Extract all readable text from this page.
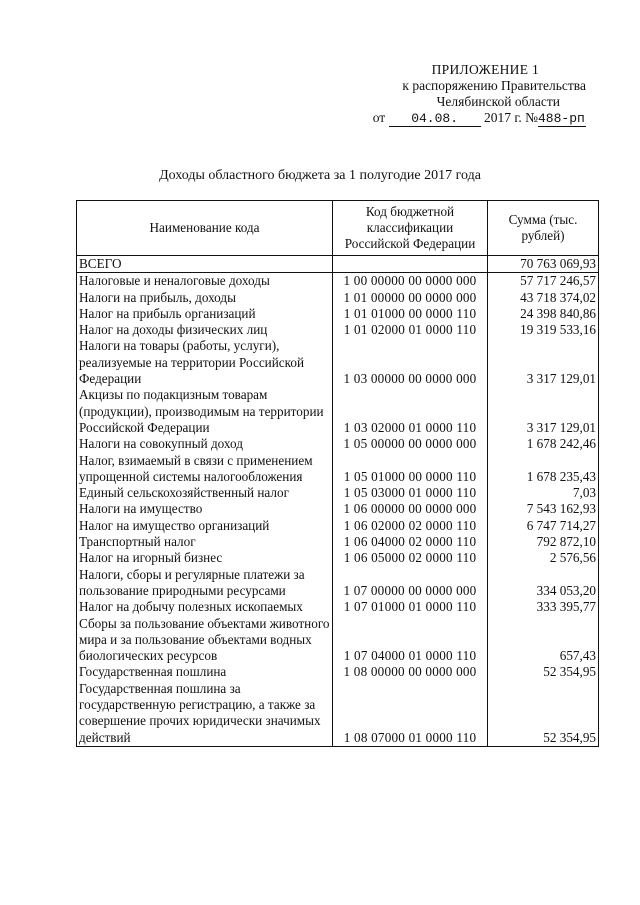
ПРИЛОЖЕНИЕ 1
к распоряжению Правительства
Челябинской области
от 04.08. 2017 г. №488-рп
Доходы областного бюджета за 1 полугодие 2017 года
Наименование кода	Код бюджетной классификации Российской Федерации	Сумма (тыс. рублей)
ВСЕГО		70 763 069,93
Налоговые и неналоговые доходы	1 00 00000 00 0000 000	57 717 246,57
Налоги на прибыль, доходы	1 01 00000 00 0000 000	43 718 374,02
Налог на прибыль организаций	1 01 01000 00 0000 110	24 398 840,86
Налог на доходы физических лиц	1 01 02000 01 0000 110	19 319 533,16
Налоги на товары (работы, услуги), реализуемые на территории Российской Федерации	1 03 00000 00 0000 000	3 317 129,01
Акцизы по подакцизным товарам (продукции), производимым на территории Российской Федерации	1 03 02000 01 0000 110	3 317 129,01
Налоги на совокупный доход	1 05 00000 00 0000 000	1 678 242,46
Налог, взимаемый в связи с применением упрощенной системы налогообложения	1 05 01000 00 0000 110	1 678 235,43
Единый сельскохозяйственный налог	1 05 03000 01 0000 110	7,03
Налоги на имущество	1 06 00000 00 0000 000	7 543 162,93
Налог на имущество организаций	1 06 02000 02 0000 110	6 747 714,27
Транспортный налог	1 06 04000 02 0000 110	792 872,10
Налог на игорный бизнес	1 06 05000 02 0000 110	2 576,56
Налоги, сборы и регулярные платежи за пользование природными ресурсами	1 07 00000 00 0000 000	334 053,20
Налог на добычу полезных ископаемых	1 07 01000 01 0000 110	333 395,77
Сборы за пользование объектами животного мира и за пользование объектами водных биологических ресурсов	1 07 04000 01 0000 110	657,43
Государственная пошлина	1 08 00000 00 0000 000	52 354,95
Государственная пошлина за государственную регистрацию, а также за совершение прочих юридически значимых действий	1 08 07000 01 0000 110	52 354,95
